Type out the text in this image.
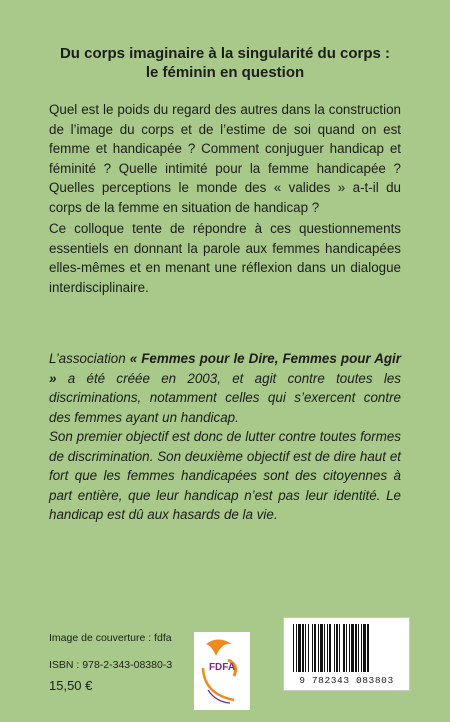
Du corps imaginaire à la singularité du corps :
le féminin en question
Quel est le poids du regard des autres dans la construction de l’image du corps et de l’estime de soi quand on est femme et handicapée ? Comment conjuguer handicap et féminité ? Quelle intimité pour la femme handicapée ? Quelles perceptions le monde des « valides » a-t-il du corps de la femme en situation de handicap ?
Ce colloque tente de répondre à ces questionnements essentiels en donnant la parole aux femmes handicapées elles-mêmes et en menant une réflexion dans un dialogue interdisciplinaire.
L’association « Femmes pour le Dire, Femmes pour Agir » a été créée en 2003, et agit contre toutes les discriminations, notamment celles qui s’exercent contre des femmes ayant un handicap.
Son premier objectif est donc de lutter contre toutes formes de discrimination. Son deuxième objectif est de dire haut et fort que les femmes handicapées sont des citoyennes à part entière, que leur handicap n’est pas leur identité. Le handicap est dû aux hasards de la vie.
Image de couverture : fdfa
ISBN : 978-2-343-08380-3
15,50 €
FDFA
9 782343 083803
